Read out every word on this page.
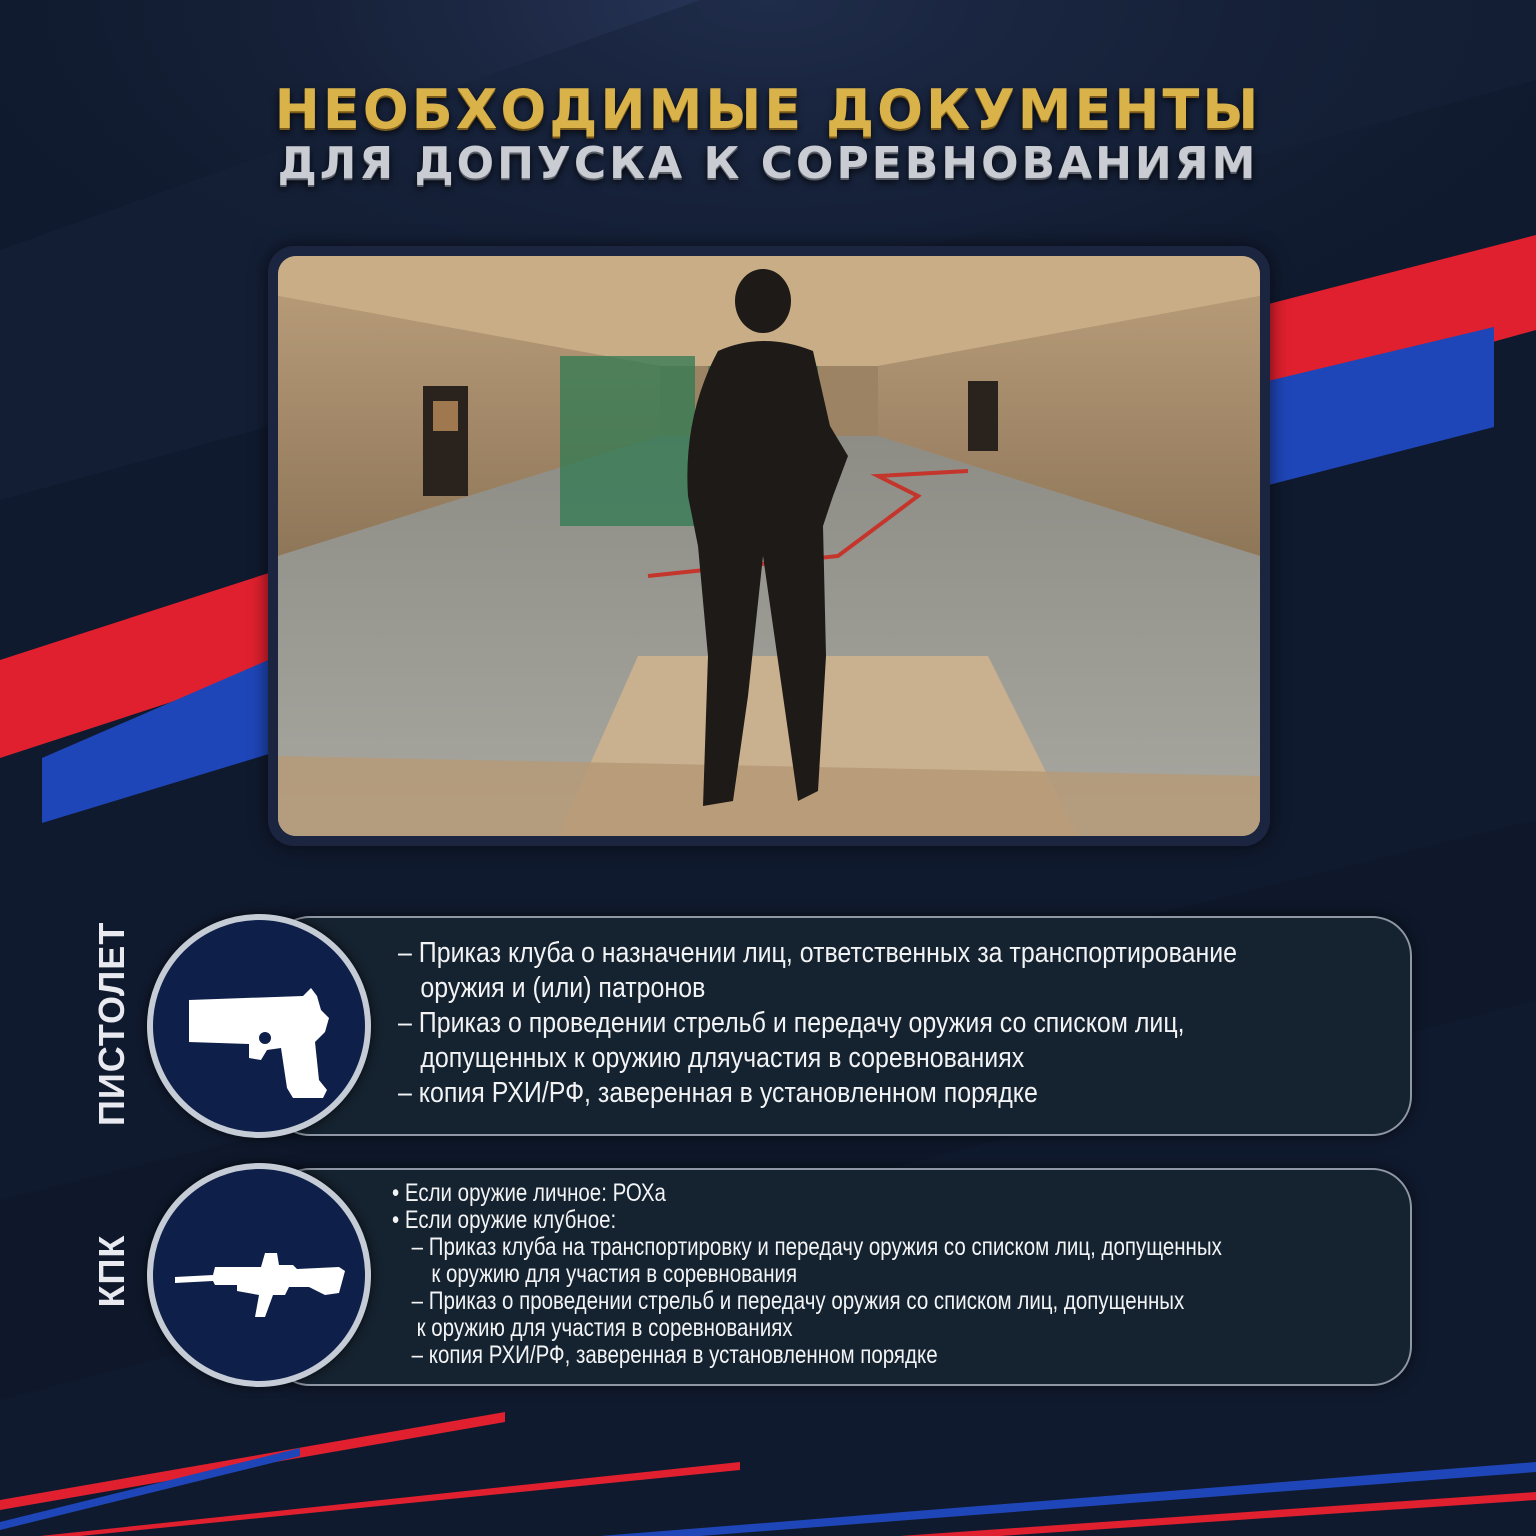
НЕОБХОДИМЫЕ ДОКУМЕНТЫ
ДЛЯ ДОПУСКА К СОРЕВНОВАНИЯМ
ПИСТОЛЕТ	– Приказ клуба о назначении лиц, ответственных за транспортирование
оружия и (или) патронов
– Приказ о проведении стрельб и передачу оружия со списком лиц,
допущенных к оружию дляучастия в соревнованиях
– копия РХИ/РФ, заверенная в установленном порядке
КПК
• Если оружие личное: РОХа
• Если оружие клубное:
– Приказ клуба на транспортировку и передачу оружия со списком лиц, допущенных
к оружию для участия в соревнования
– Приказ о проведении стрельб и передачу оружия со списком лиц, допущенных
к оружию для участия в соревнованиях
– копия РХИ/РФ, заверенная в установленном порядке
